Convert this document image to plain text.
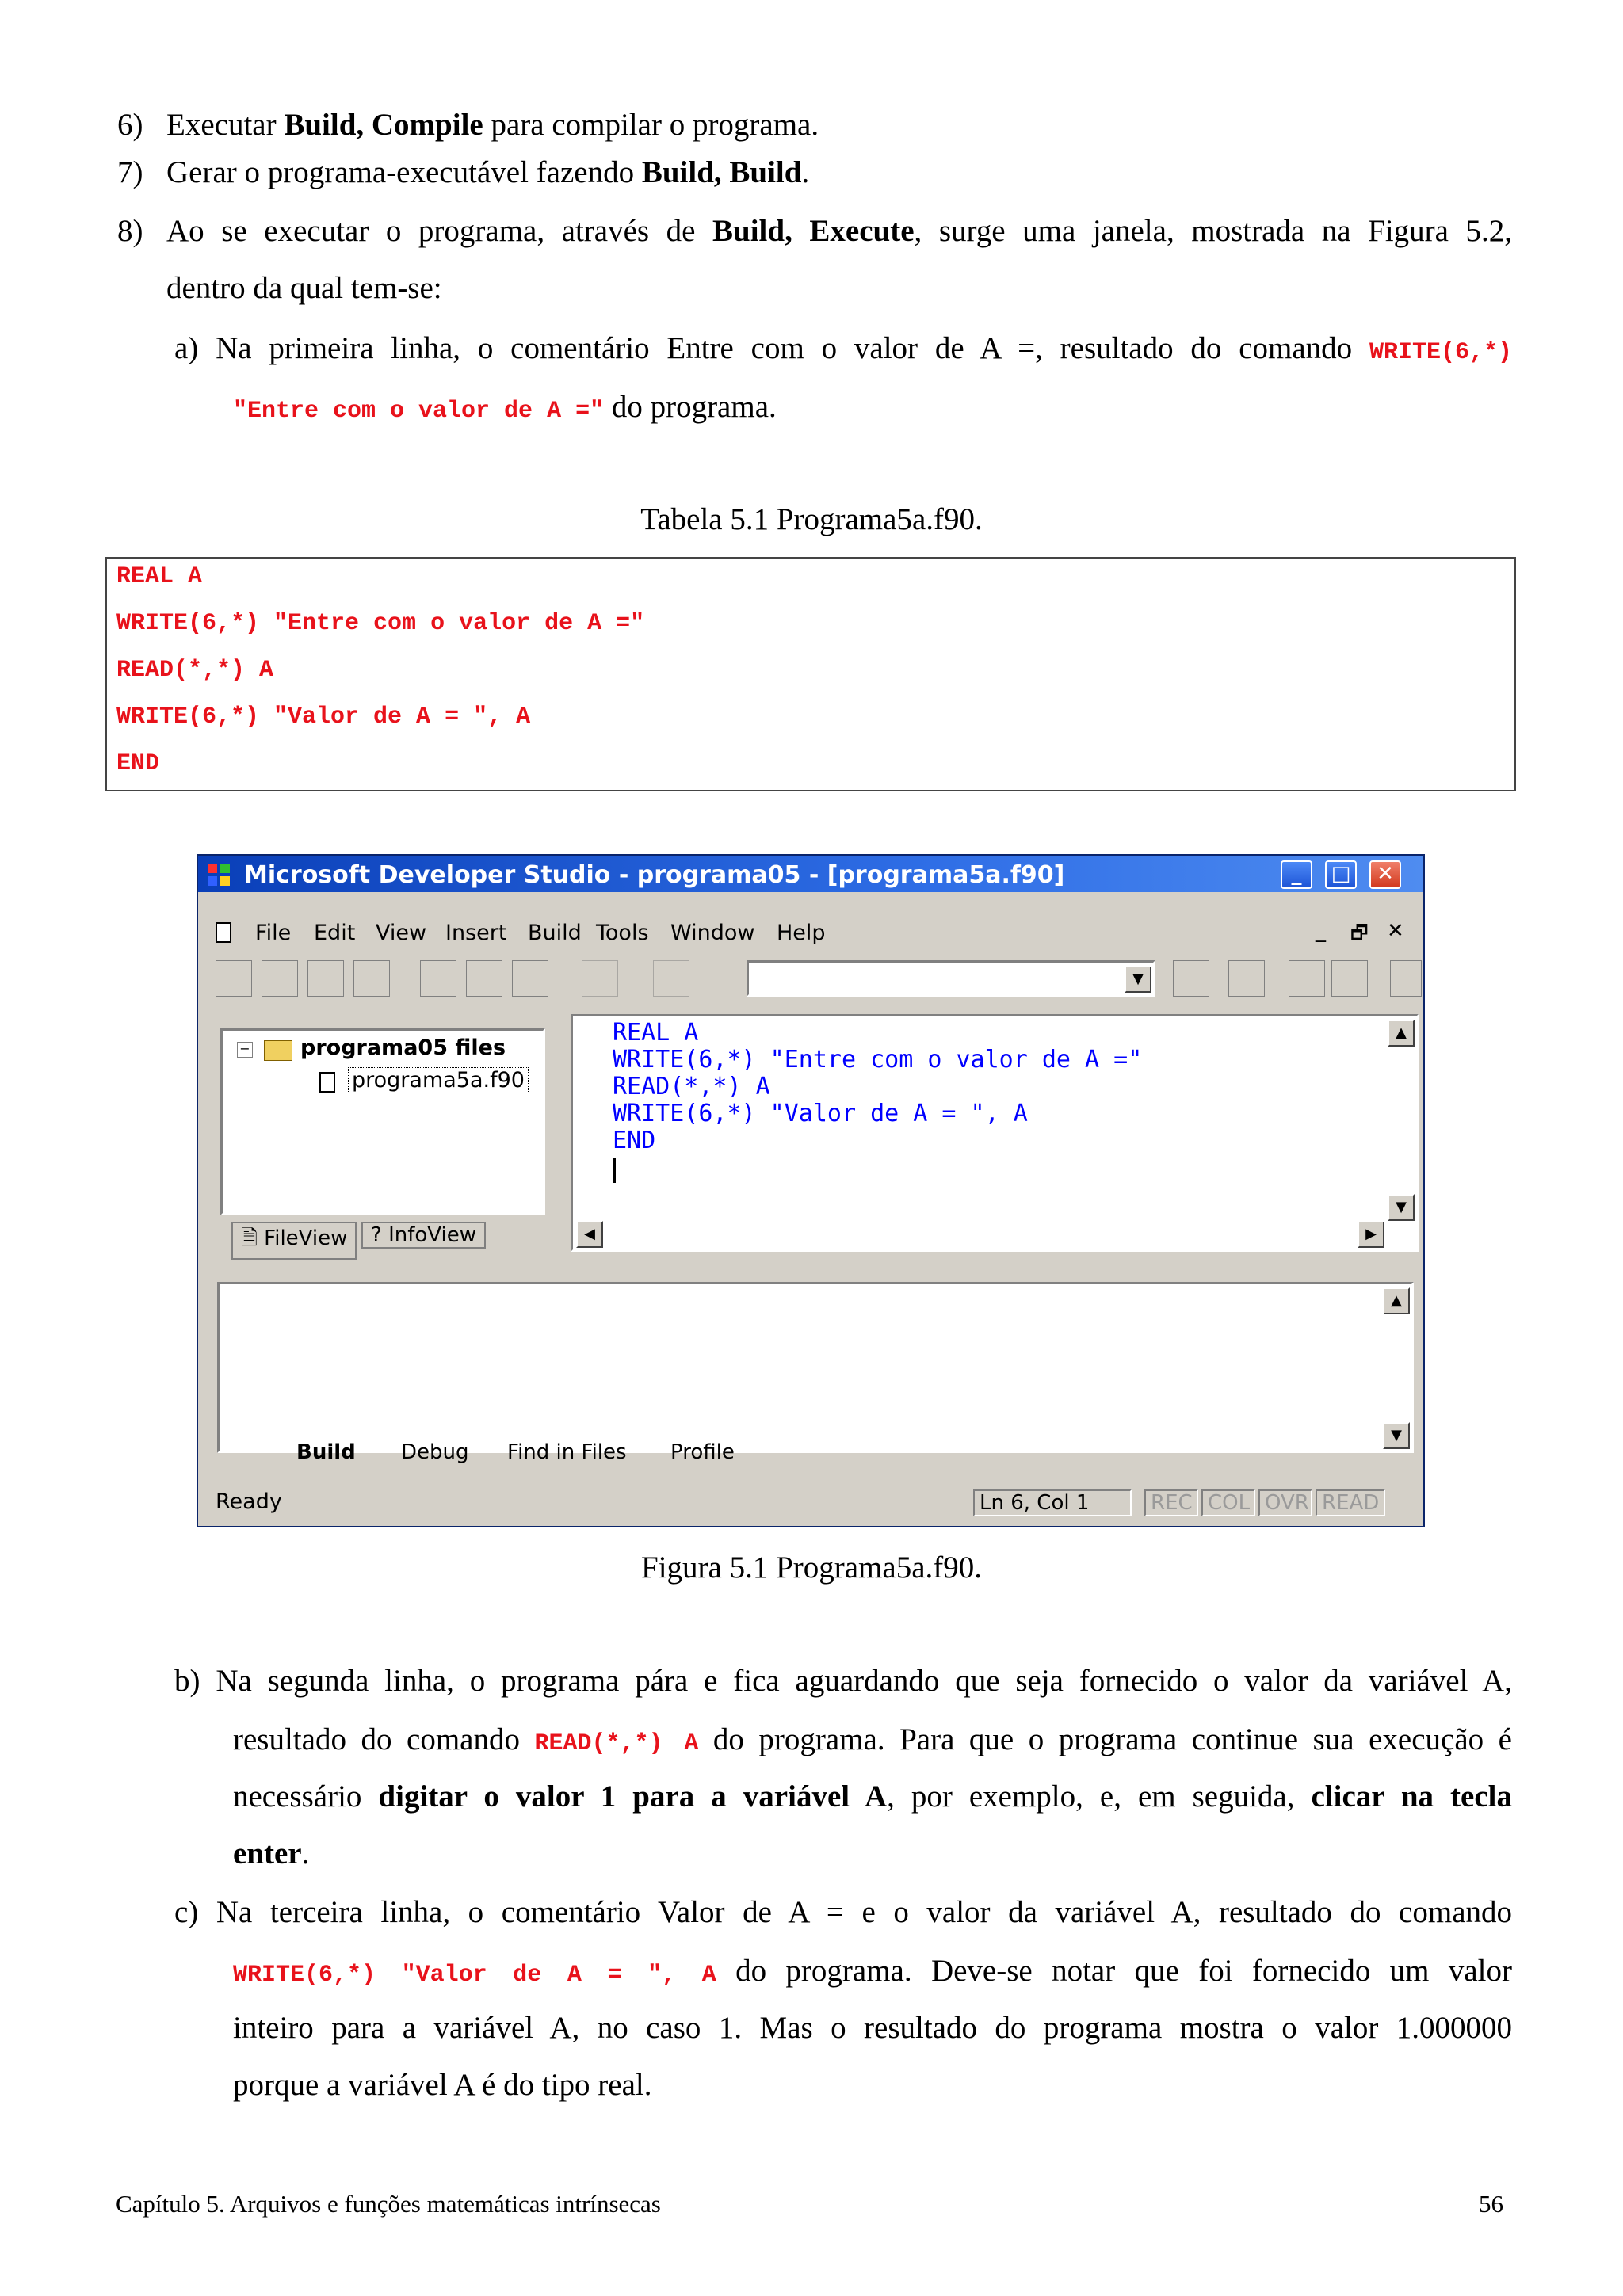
6) Executar Build, Compile para compilar o programa.
7) Gerar o programa-executável fazendo Build, Build.
8) Ao se executar o programa, através de Build, Execute, surge uma janela, mostrada na Figura 5.2,
dentro da qual tem-se:
a) Na primeira linha, o comentário Entre com o valor de A =, resultado do comando WRITE(6,*)
"Entre com o valor de A =" do programa.
Tabela 5.1 Programa5a.f90.
REAL A
WRITE(6,*) "Entre com o valor de A ="
READ(*,*) A
WRITE(6,*) "Valor de A = ", A
END
Microsoft Developer Studio - programa05 - [programa5a.f90]	_	□	✕
File Edit View Insert Build Tools Window Help	_ 🗗 ✕
▼
− programa05 files
programa5a.f90
🗎 FileView	? InfoView
REAL A
WRITE(6,*) "Entre com o valor de A ="
READ(*,*) A
WRITE(6,*) "Valor de A = ", A
END
▲
▼
◀	▶
▲
▼
Build Debug Find in Files Profile
Ready	Ln 6, Col 1	REC COL OVR READ
Figura 5.1 Programa5a.f90.
b) Na segunda linha, o programa pára e fica aguardando que seja fornecido o valor da variável A,
resultado do comando READ(*,*) A do programa. Para que o programa continue sua execução é
necessário digitar o valor 1 para a variável A, por exemplo, e, em seguida, clicar na tecla
enter.
c) Na terceira linha, o comentário Valor de A = e o valor da variável A, resultado do comando
WRITE(6,*) "Valor de A = ", A do programa. Deve-se notar que foi fornecido um valor
inteiro para a variável A, no caso 1. Mas o resultado do programa mostra o valor 1.000000
porque a variável A é do tipo real.
Capítulo 5. Arquivos e funções matemáticas intrínsecas	56
